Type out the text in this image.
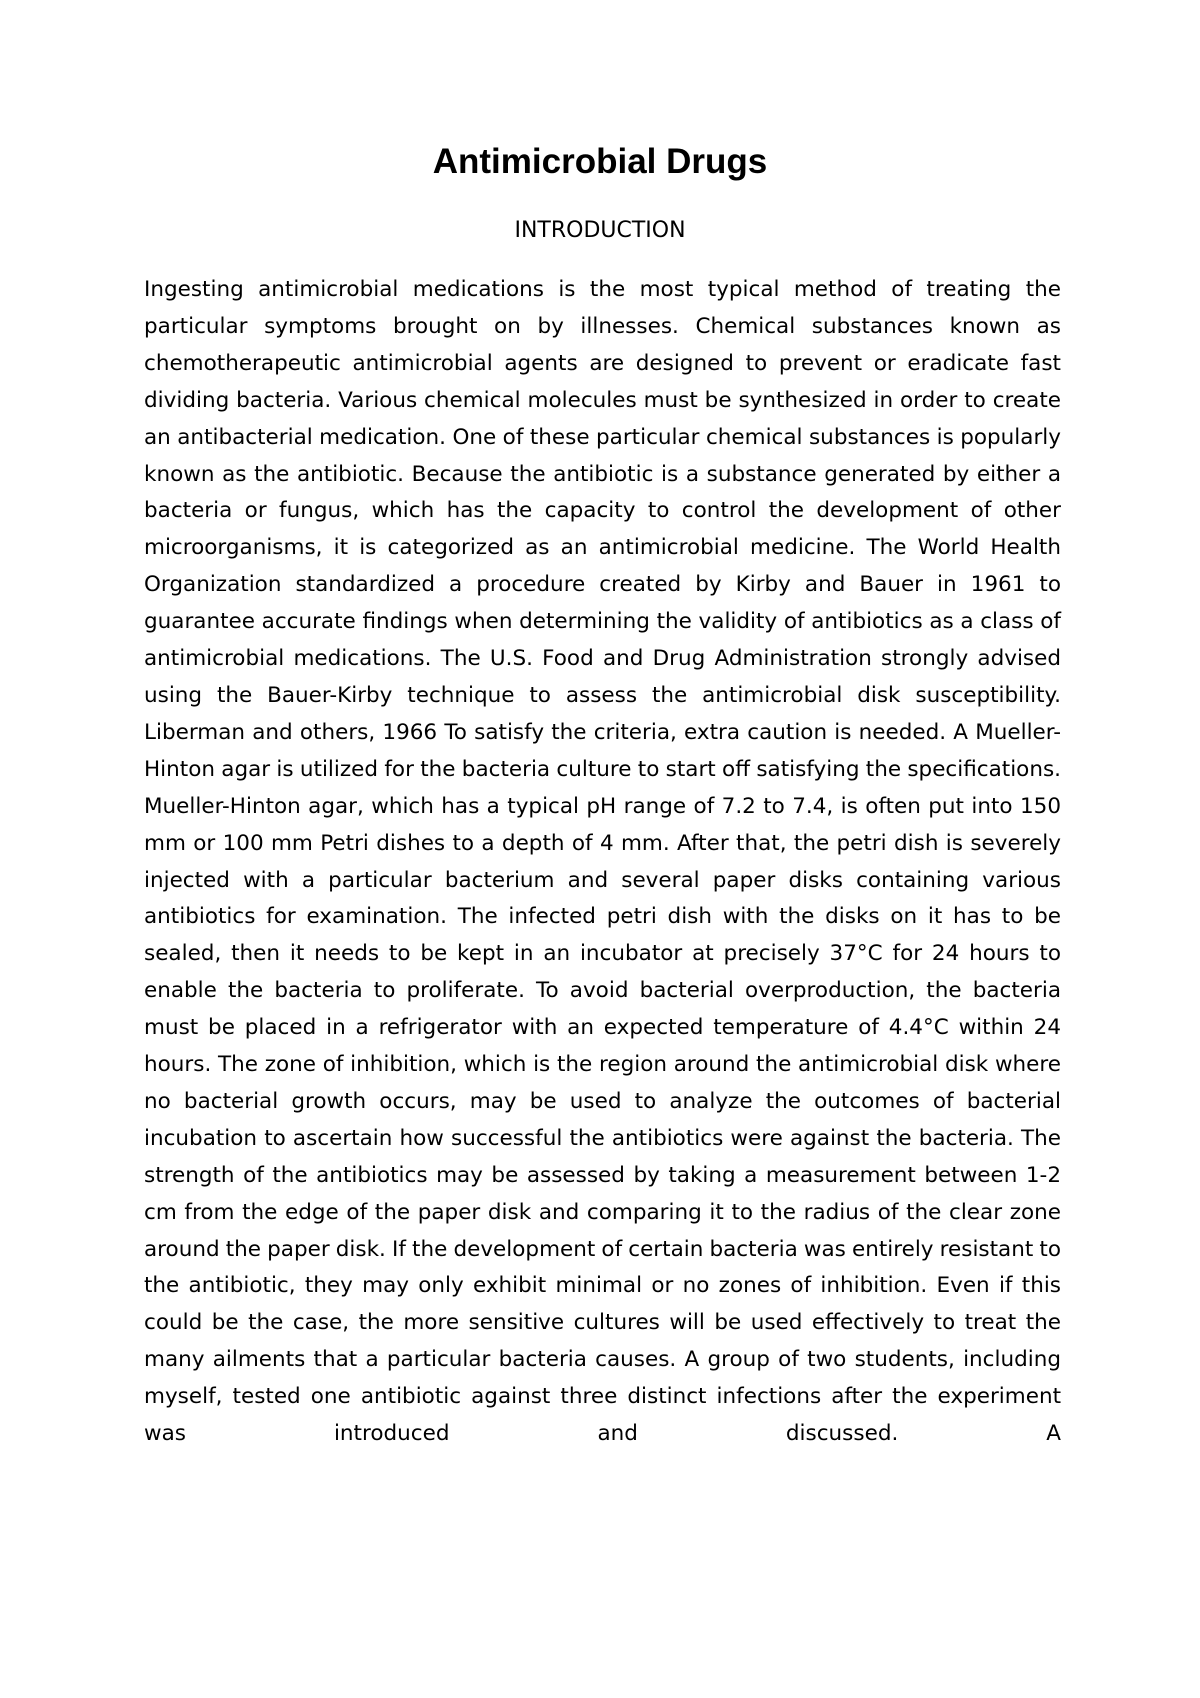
Antimicrobial Drugs
INTRODUCTION

Ingesting antimicrobial medications is the most typical method of treating the particular symptoms brought on by illnesses. Chemical substances known as chemotherapeutic antimicrobial agents are designed to prevent or eradicate fast dividing bacteria. Various chemical molecules must be synthesized in order to create an antibacterial medication. One of these particular chemical substances is popularly known as the antibiotic. Because the antibiotic is a substance generated by either a bacteria or fungus, which has the capacity to control the development of other microorganisms, it is categorized as an antimicrobial medicine. The World Health Organization standardized a procedure created by Kirby and Bauer in 1961 to guarantee accurate findings when determining the validity of antibiotics as a class of antimicrobial medications. The U.S. Food and Drug Administration strongly advised using the Bauer-Kirby technique to assess the antimicrobial disk susceptibility. Liberman and others, 1966 To satisfy the criteria, extra caution is needed. A Mueller-Hinton agar is utilized for the bacteria culture to start off satisfying the specifications. Mueller-Hinton agar, which has a typical pH range of 7.2 to 7.4, is often put into 150 mm or 100 mm Petri dishes to a depth of 4 mm. After that, the petri dish is severely injected with a particular bacterium and several paper disks containing various antibiotics for examination. The infected petri dish with the disks on it has to be sealed, then it needs to be kept in an incubator at precisely 37°C for 24 hours to enable the bacteria to proliferate. To avoid bacterial overproduction, the bacteria must be placed in a refrigerator with an expected temperature of 4.4°C within 24 hours. The zone of inhibition, which is the region around the antimicrobial disk where no bacterial growth occurs, may be used to analyze the outcomes of bacterial incubation to ascertain how successful the antibiotics were against the bacteria. The strength of the antibiotics may be assessed by taking a measurement between 1-2 cm from the edge of the paper disk and comparing it to the radius of the clear zone around the paper disk. If the development of certain bacteria was entirely resistant to the antibiotic, they may only exhibit minimal or no zones of inhibition. Even if this could be the case, the more sensitive cultures will be used effectively to treat the many ailments that a particular bacteria causes. A group of two students, including myself, tested one antibiotic against three distinct infections after the experiment was introduced and discussed. A
